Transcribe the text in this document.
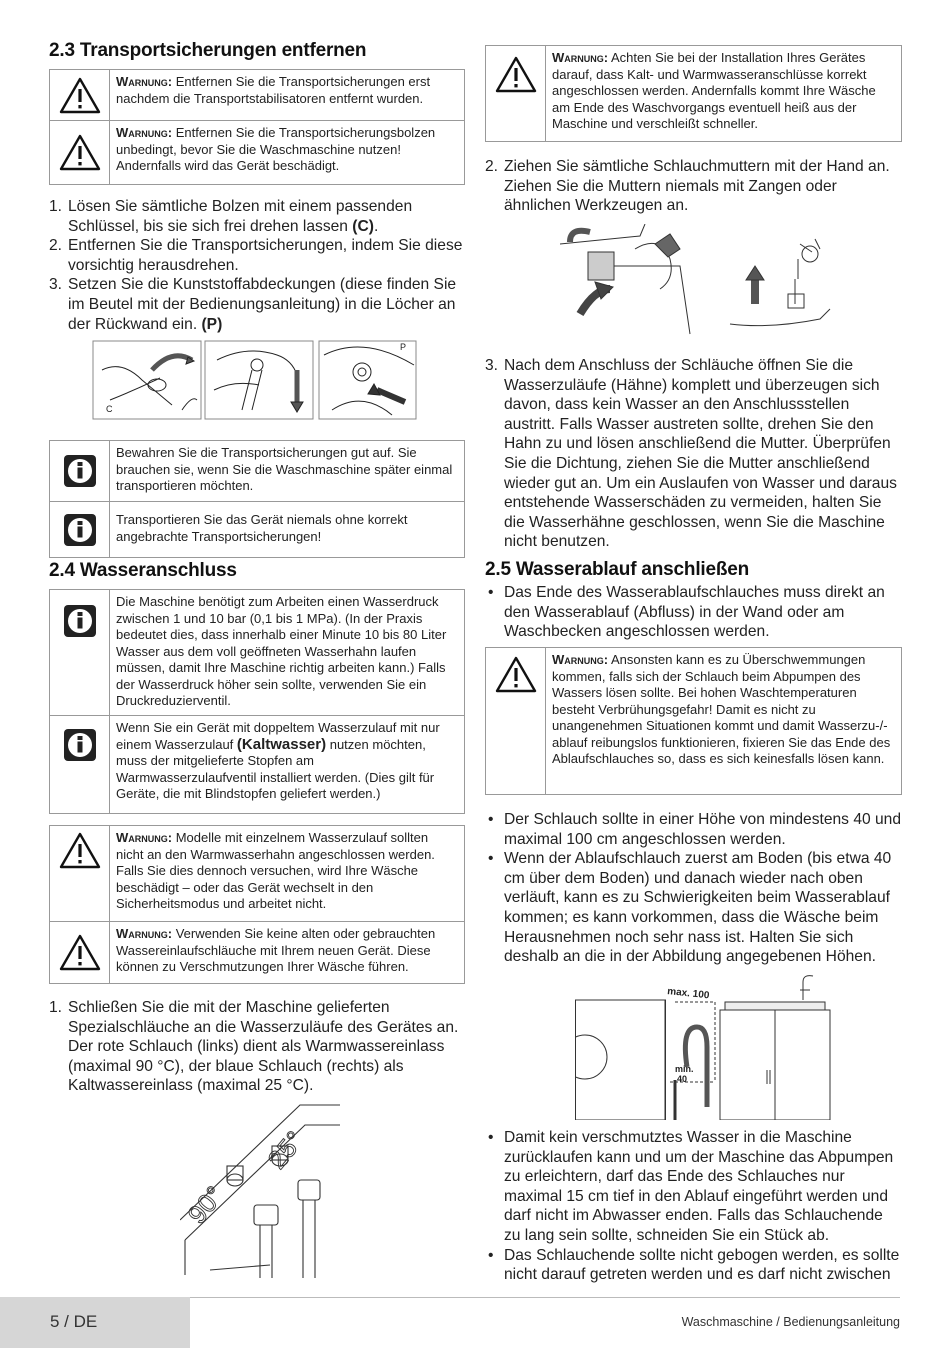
2.3 Transportsicherungen entfernen
Warnung: Entfernen Sie die Transportsicherungen erst nachdem die Transportstabilisatoren entfernt wurden.
Warnung: Entfernen Sie die Transportsicherungsbolzen unbedingt, bevor Sie die Waschmaschine nutzen! Andernfalls wird das Gerät beschädigt.
1. Lösen Sie sämtliche Bolzen mit einem passenden Schlüssel, bis sie sich frei drehen lassen (C).
2. Entfernen Sie die Transportsicherungen, indem Sie diese vorsichtig herausdrehen.
3. Setzen Sie die Kunststoffabdeckungen (diese finden Sie im Beutel mit der Bedienungsanleitung) in die Löcher an der Rückwand ein. (P)
C
P
Bewahren Sie die Transportsicherungen gut auf. Sie brauchen sie, wenn Sie die Waschmaschine später einmal transportieren möchten.
Transportieren Sie das Gerät niemals ohne korrekt angebrachte Transportsicherungen!
2.4 Wasseranschluss
Die Maschine benötigt zum Arbeiten einen Wasserdruck zwischen 1 und 10 bar (0,1 bis 1 MPa). (In der Praxis bedeutet dies, dass innerhalb einer Minute 10 bis 80 Liter Wasser aus dem voll geöffneten Wasserhahn laufen müssen, damit Ihre Maschine richtig arbeiten kann.) Falls der Wasserdruck höher sein sollte, verwenden Sie ein Druckreduzierventil.
Wenn Sie ein Gerät mit doppeltem Wasserzulauf mit nur einem Wasserzulauf (Kaltwasser) nutzen möchten, muss der mitgelieferte Stopfen am Warmwasserzulaufventil installiert werden. (Dies gilt für Geräte, die mit Blindstopfen geliefert werden.)
Warnung: Modelle mit einzelnem Wasserzulauf sollten nicht an den Warmwasserhahn angeschlossen werden. Falls Sie dies dennoch versuchen, wird Ihre Wäsche beschädigt – oder das Gerät wechselt in den Sicherheitsmodus und arbeitet nicht.
Warnung: Verwenden Sie keine alten oder gebrauchten Wassereinlaufschläuche mit Ihrem neuen Gerät. Diese können zu Verschmutzungen Ihrer Wäsche führen.
1. Schließen Sie die mit der Maschine gelieferten Spezialschläuche an die Wasserzuläufe des Gerätes an. Der rote Schlauch (links) dient als Warmwassereinlass (maximal 90 °C), der blaue Schlauch (rechts) als Kaltwassereinlass (maximal 25 °C).
90°
25°
Warnung: Achten Sie bei der Installation Ihres Gerätes darauf, dass Kalt- und Warmwasseranschlüsse korrekt angeschlossen werden. Andernfalls kommt Ihre Wäsche am Ende des Waschvorgangs eventuell heiß aus der Maschine und verschleißt schneller.
2. Ziehen Sie sämtliche Schlauchmuttern mit der Hand an. Ziehen Sie die Muttern niemals mit Zangen oder ähnlichen Werkzeugen an.
3. Nach dem Anschluss der Schläuche öffnen Sie die Wasserzuläufe (Hähne) komplett und überzeugen sich davon, dass kein Wasser an den Anschlussstellen austritt. Falls Wasser austreten sollte, drehen Sie den Hahn zu und lösen anschließend die Mutter. Überprüfen Sie die Dichtung, ziehen Sie die Mutter anschließend wieder gut an. Um ein Auslaufen von Wasser und daraus entstehende Wasserschäden zu vermeiden, halten Sie die Wasserhähne geschlossen, wenn Sie die Maschine nicht benutzen.
2.5 Wasserablauf anschließen
• Das Ende des Wasserablaufschlauches muss direkt an den Wasserablauf (Abfluss) in der Wand oder am Waschbecken angeschlossen werden.
Warnung: Ansonsten kann es zu Überschwemmungen kommen, falls sich der Schlauch beim Abpumpen des Wassers lösen sollte. Bei hohen Waschtemperaturen besteht Verbrühungsgefahr! Damit es nicht zu unangenehmen Situationen kommt und damit Wasserzu-/-ablauf reibungslos funktionieren, fixieren Sie das Ende des Ablaufschlauches so, dass es sich keinesfalls lösen kann.
• Der Schlauch sollte in einer Höhe von mindestens 40 und maximal 100 cm angeschlossen werden.
• Wenn der Ablaufschlauch zuerst am Boden (bis etwa 40 cm über dem Boden) und danach wieder nach oben verläuft, kann es zu Schwierigkeiten beim Wasserablauf kommen; es kann vorkommen, dass die Wäsche beim Herausnehmen noch sehr nass ist. Halten Sie sich deshalb an die in der Abbildung angegebenen Höhen.
max. 100
min.
40
• Damit kein verschmutztes Wasser in die Maschine zurücklaufen kann und um der Maschine das Abpumpen zu erleichtern, darf das Ende des Schlauches nur maximal 15 cm tief in den Ablauf eingeführt werden und darf nicht im Abwasser enden. Falls das Schlauchende zu lang sein sollte, schneiden Sie ein Stück ab.
• Das Schlauchende sollte nicht gebogen werden, es sollte nicht darauf getreten werden und es darf nicht zwischen
5 / DE	Waschmaschine / Bedienungsanleitung
